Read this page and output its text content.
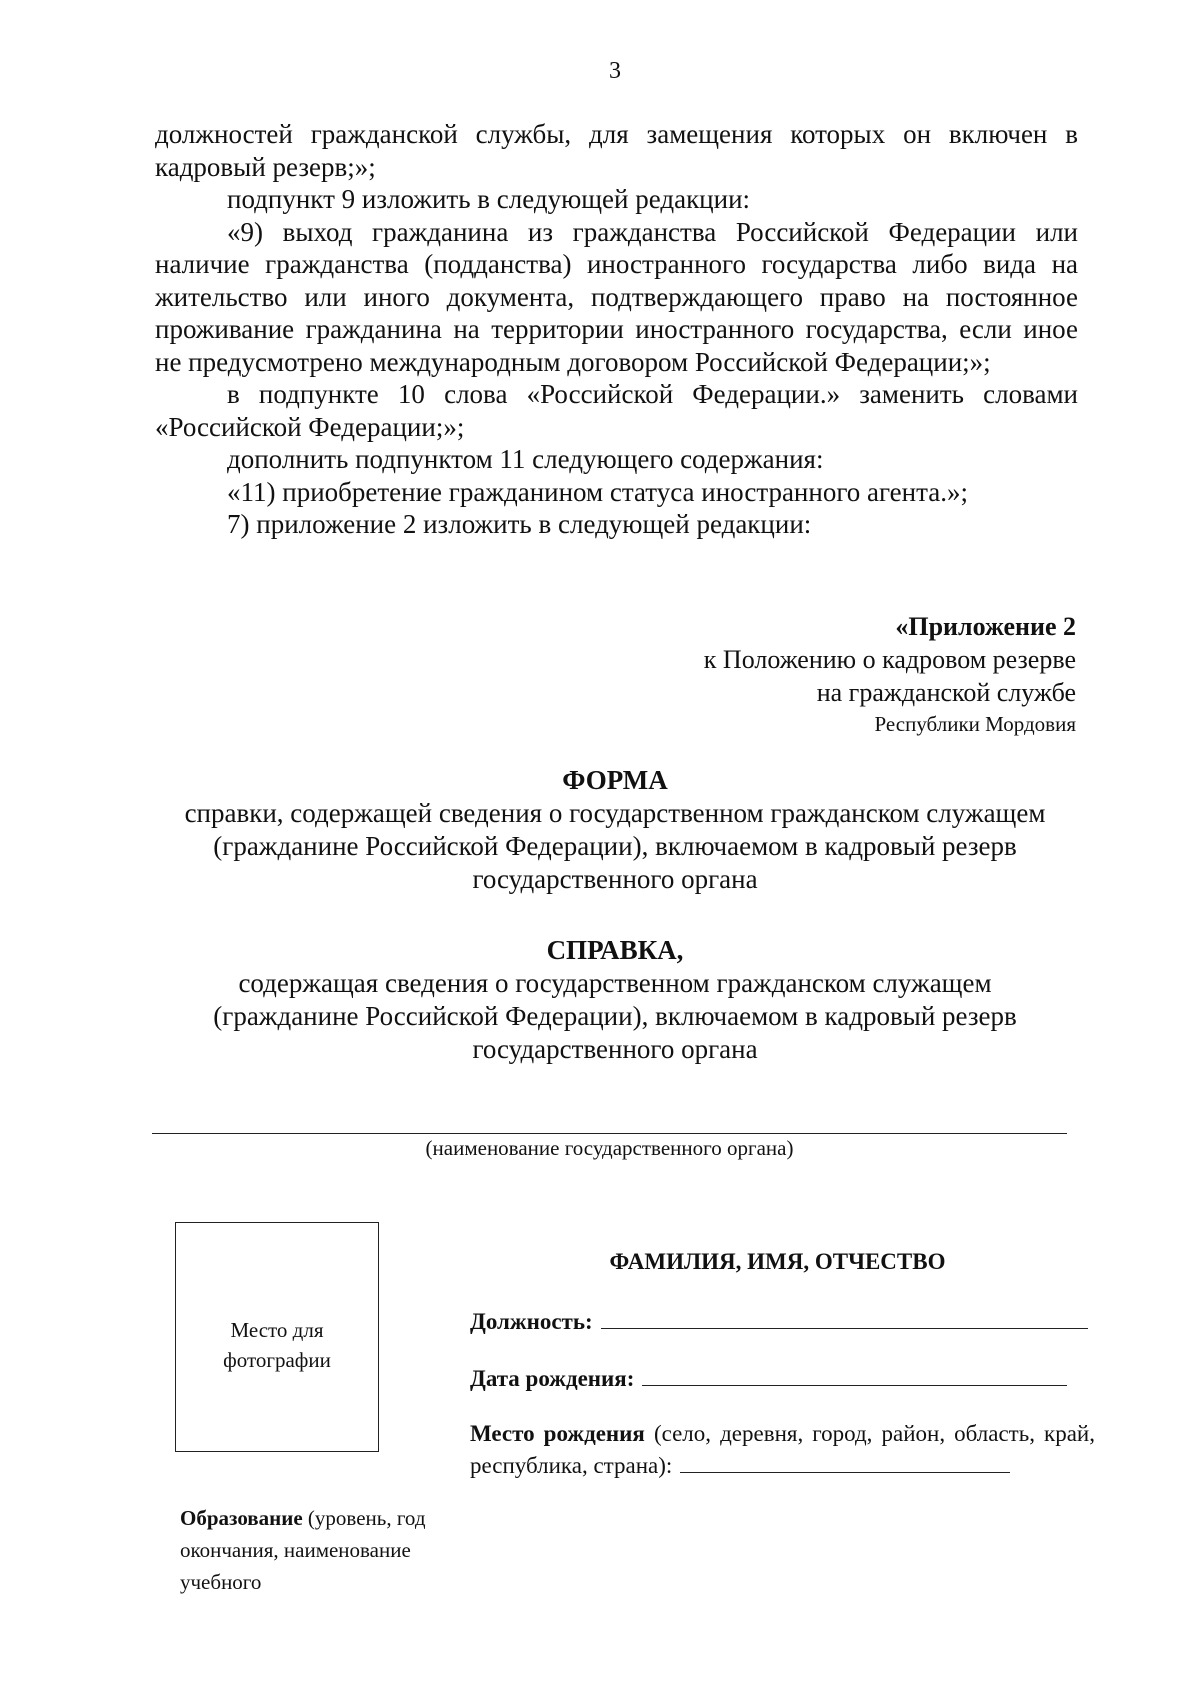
3

должностей гражданской службы, для замещения которых он включен в кадровый резерв;»;

подпункт 9 изложить в следующей редакции:

«9) выход гражданина из гражданства Российской Федерации или наличие гражданства (подданства) иностранного государства либо вида на жительство или иного документа, подтверждающего право на постоянное проживание гражданина на территории иностранного государства, если иное не предусмотрено международным договором Российской Федерации;»;

в подпункте 10 слова «Российской Федерации.» заменить словами «Российской Федерации;»;

дополнить подпунктом 11 следующего содержания:

«11) приобретение гражданином статуса иностранного агента.»;

7) приложение 2 изложить в следующей редакции:

«Приложение 2
к Положению о кадровом резерве
на гражданской службе
Республики Мордовия
ФОРМА
справки, содержащей сведения о государственном гражданском служащем
(гражданине Российской Федерации), включаемом в кадровый резерв
государственного органа
СПРАВКА,
содержащая сведения о государственном гражданском служащем
(гражданине Российской Федерации), включаемом в кадровый резерв
государственного органа
(наименование государственного органа)
Место для
фотографии
ФАМИЛИЯ, ИМЯ, ОТЧЕСТВО
Должность:
Дата рождения:
Место рождения (село, деревня, город, район, область, край, республика, страна):
Образование (уровень, год окончания, наименование учебного
